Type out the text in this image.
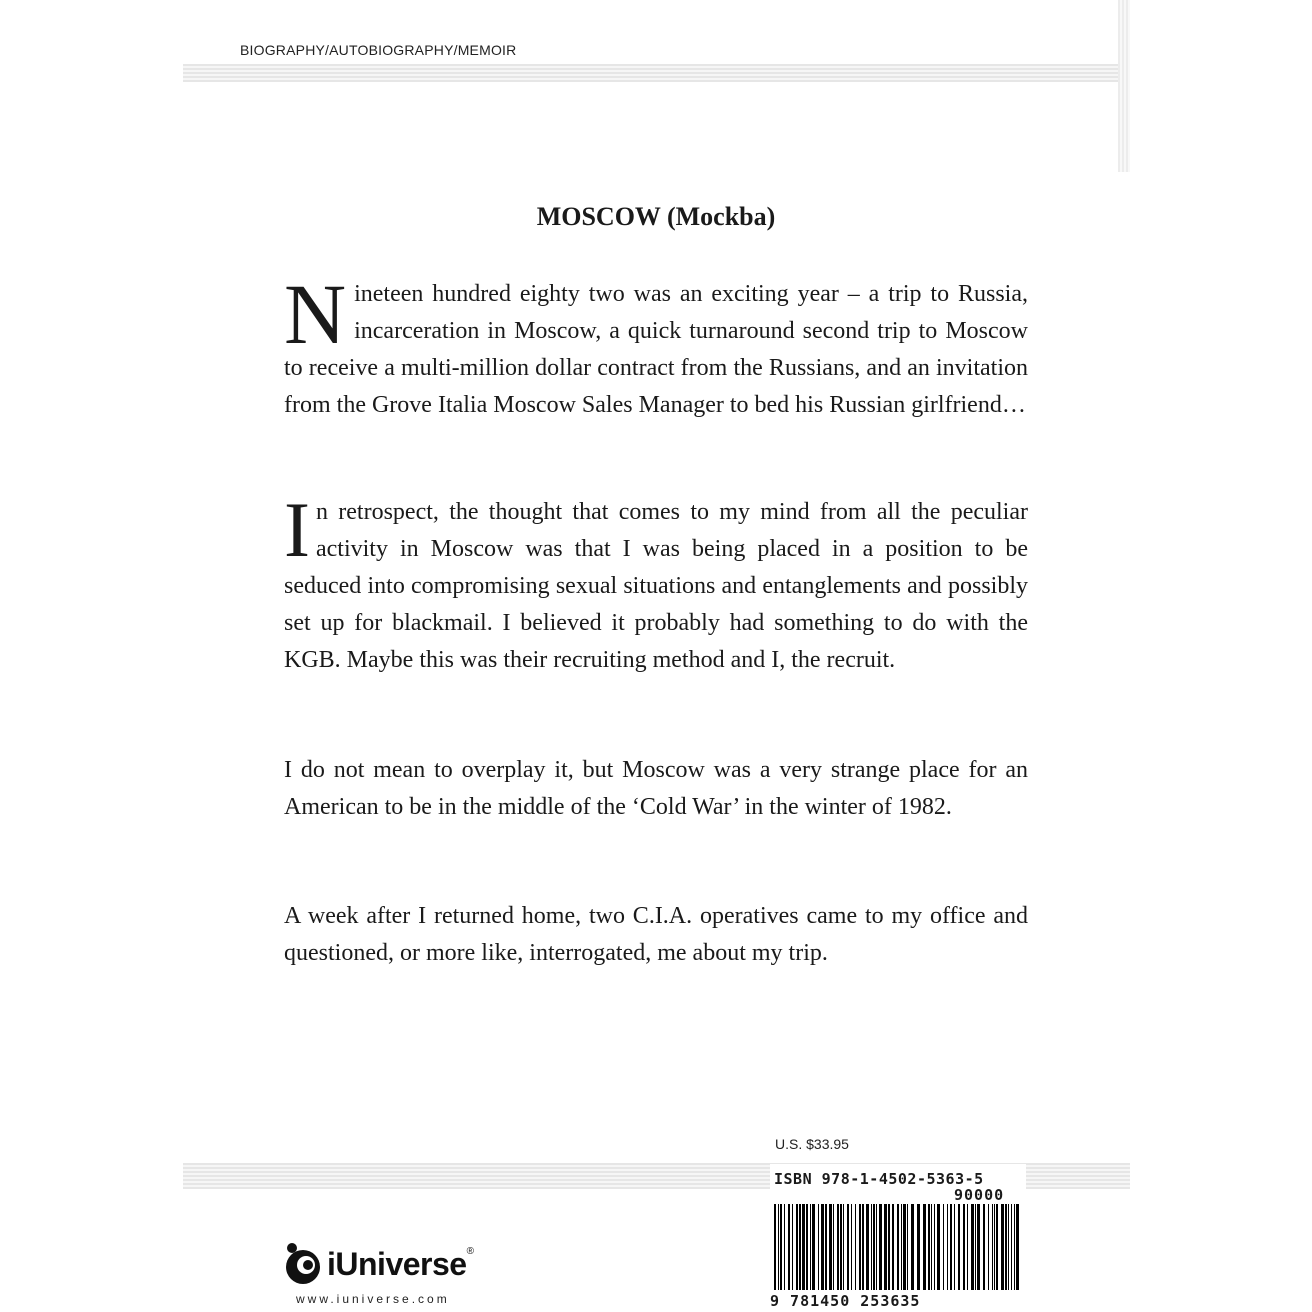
BIOGRAPHY/AUTOBIOGRAPHY/MEMOIR
MOSCOW (Mockba)

Nineteen hundred eighty two was an exciting year – a trip to Russia, incarceration in Moscow, a quick turnaround second trip to Moscow to receive a multi-million dollar contract from the Russians, and an invitation from the Grove Italia Moscow Sales Manager to bed his Russian girlfriend…

In retrospect, the thought that comes to my mind from all the peculiar activity in Moscow was that I was being placed in a position to be seduced into compromising sexual situations and entanglements and possibly set up for blackmail. I believed it probably had something to do with the KGB. Maybe this was their recruiting method and I, the recruit.

I do not mean to overplay it, but Moscow was a very strange place for an American to be in the middle of the ‘Cold War’ in the winter of 1982.

A week after I returned home, two C.I.A. operatives came to my office and questioned, or more like, interrogated, me about my trip.

U.S. $33.95
ISBN 978-1-4502-5363-5
90000
9 781450 253635
iUniverse®
www.iuniverse.com
